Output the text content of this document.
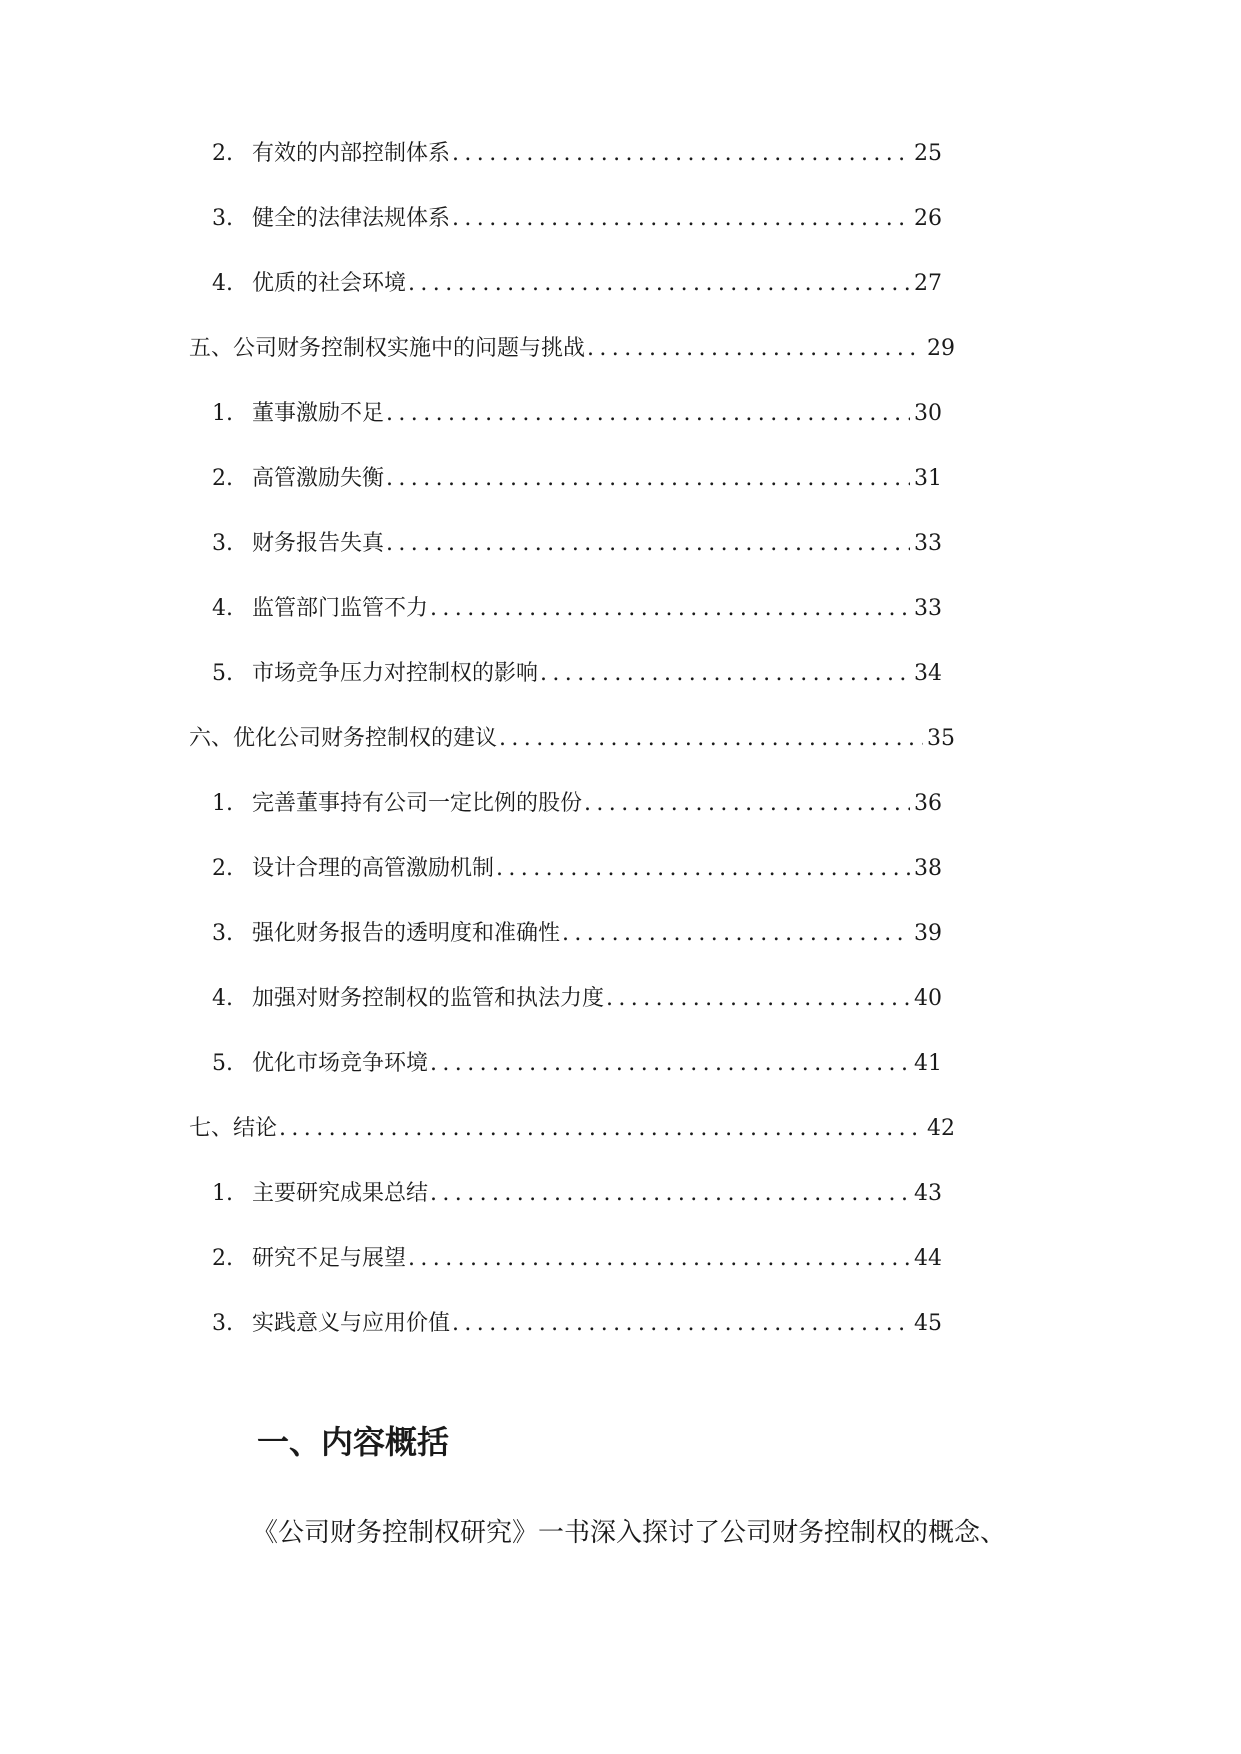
2. 有效的内部控制体系 .....	25
3. 健全的法律法规体系 .....	26
4. 优质的社会环境 .....	27
五、公司财务控制权实施中的问题与挑战 .....	29
1. 董事激励不足 .....	30
2. 高管激励失衡 .....	31
3. 财务报告失真 .....	33
4. 监管部门监管不力 .....	33
5. 市场竞争压力对控制权的影响 .....	34
六、优化公司财务控制权的建议 .....	35
1. 完善董事持有公司一定比例的股份 .....	36
2. 设计合理的高管激励机制 .....	38
3. 强化财务报告的透明度和准确性 .....	39
4. 加强对财务控制权的监管和执法力度 .....	40
5. 优化市场竞争环境 .....	41
七、结论 .....	42
1. 主要研究成果总结 .....	43
2. 研究不足与展望 .....	44
3. 实践意义与应用价值 .....	45
一、内容概括

《公司财务控制权研究》一书深入探讨了公司财务控制权的概念、
